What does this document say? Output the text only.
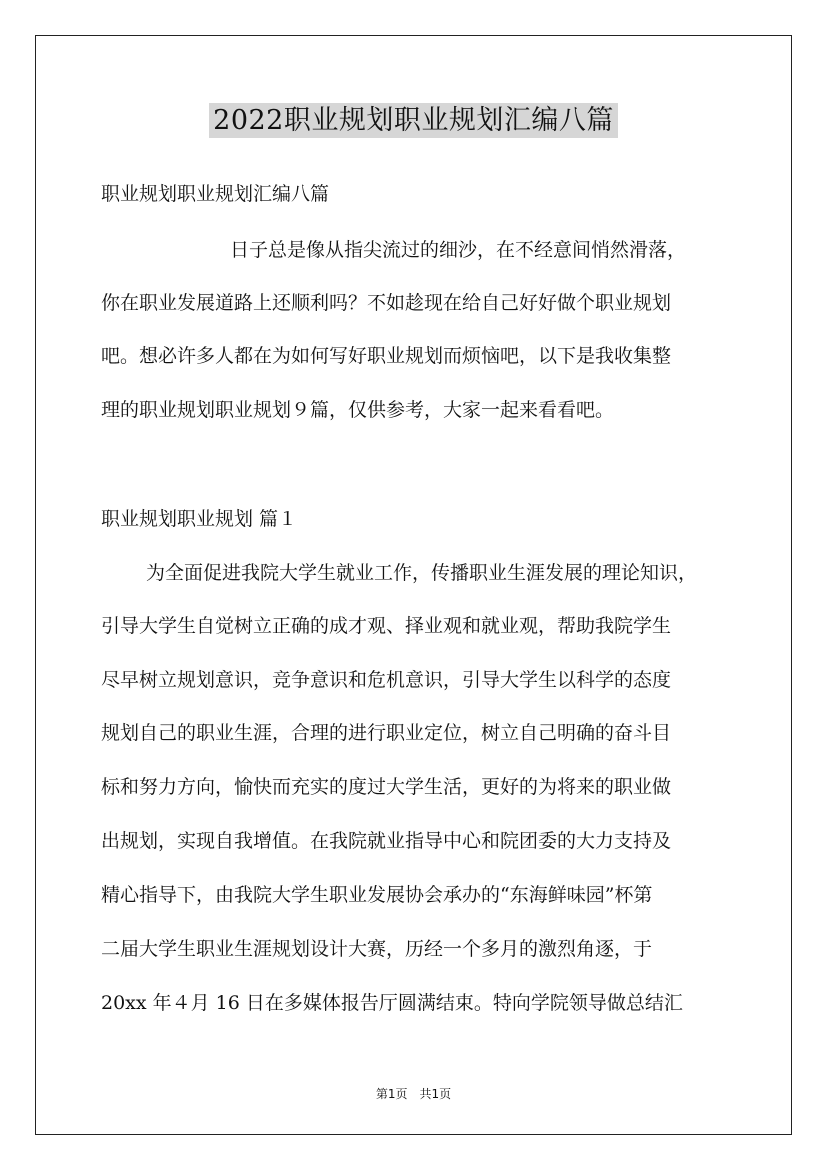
2022职业规划职业规划汇编八篇
职业规划职业规划汇编八篇
日子总是像从指尖流过的细沙，在不经意间悄然滑落，
你在职业发展道路上还顺利吗？不如趁现在给自己好好做个职业规划
吧。想必许多人都在为如何写好职业规划而烦恼吧，以下是我收集整
理的职业规划职业规划９篇，仅供参考，大家一起来看看吧。
职业规划职业规划 篇１
为全面促进我院大学生就业工作，传播职业生涯发展的理论知识，
引导大学生自觉树立正确的成才观、择业观和就业观，帮助我院学生
尽早树立规划意识，竞争意识和危机意识，引导大学生以科学的态度
规划自己的职业生涯，合理的进行职业定位，树立自己明确的奋斗目
标和努力方向，愉快而充实的度过大学生活，更好的为将来的职业做
出规划，实现自我增值。在我院就业指导中心和院团委的大力支持及
精心指导下，由我院大学生职业发展协会承办的“东海鲜味园”杯第
二届大学生职业生涯规划设计大赛，历经一个多月的激烈角逐，于
20xx 年４月 16 日在多媒体报告厅圆满结束。特向学院领导做总结汇
第1页　共1页
